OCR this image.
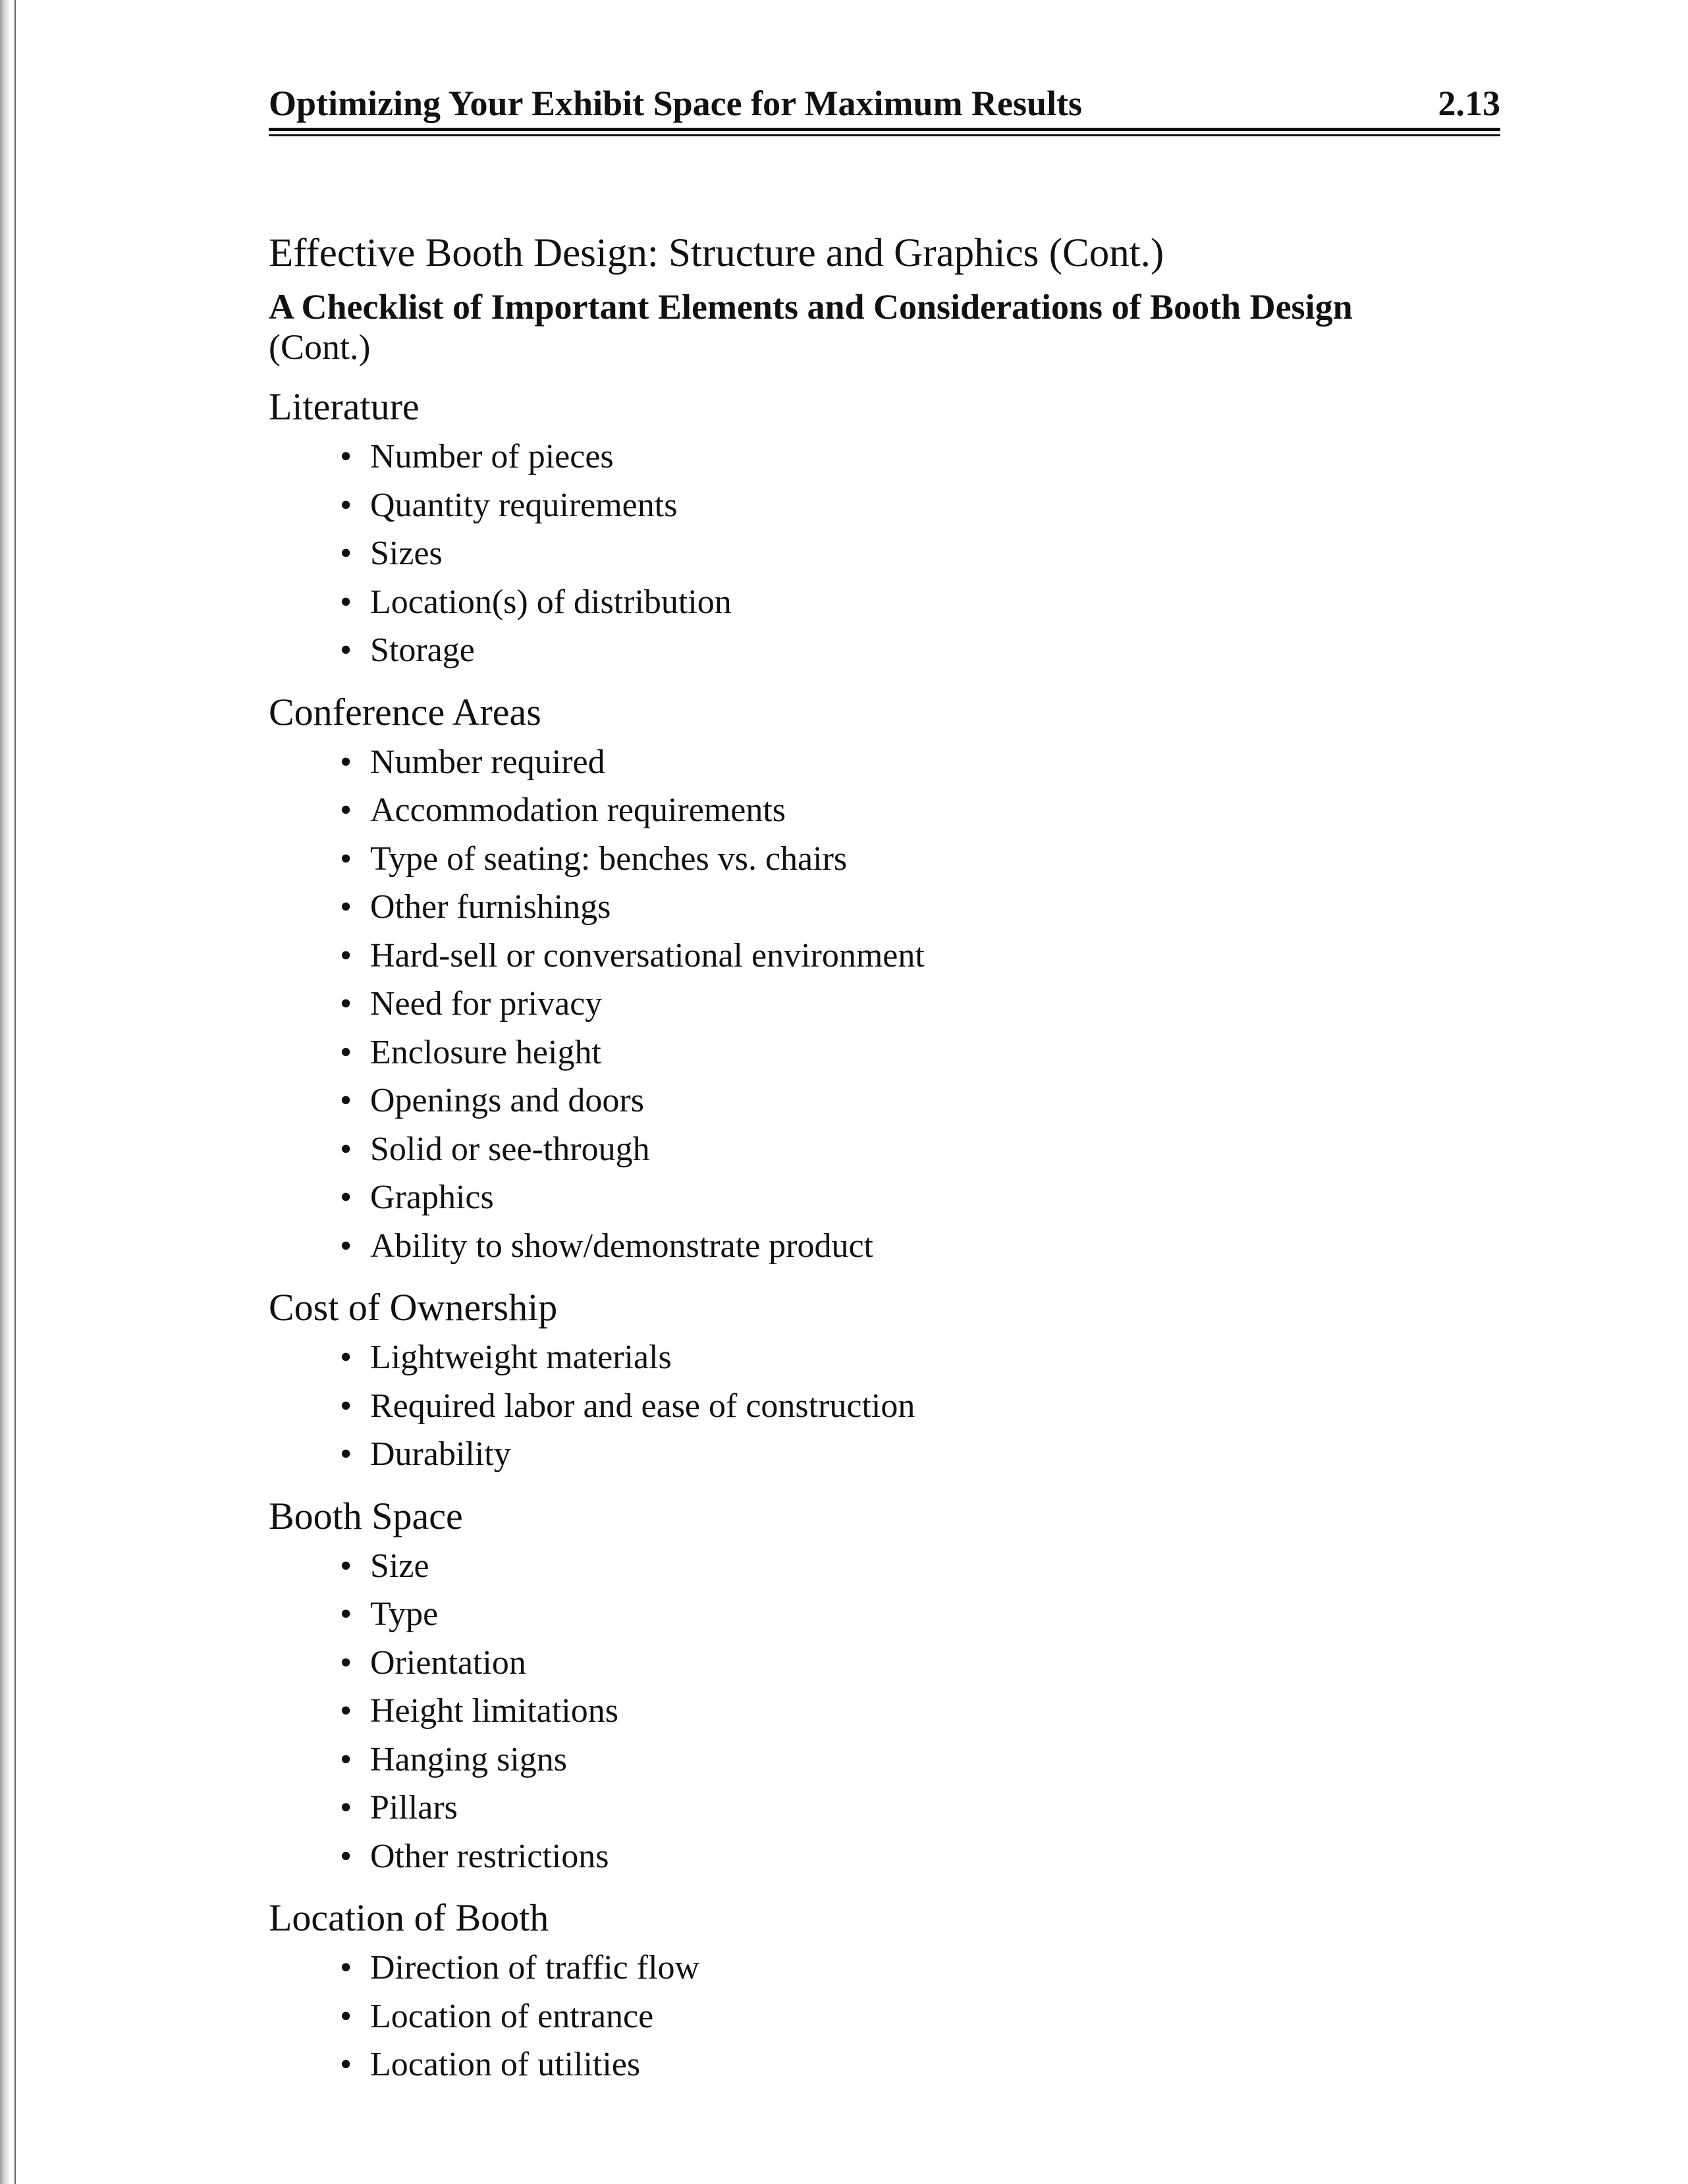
Optimizing Your Exhibit Space for Maximum Results	2.13
Effective Booth Design: Structure and Graphics (Cont.)
A Checklist of Important Elements and Considerations of Booth Design (Cont.)
Literature
• Number of pieces
• Quantity requirements
• Sizes
• Location(s) of distribution
• Storage
Conference Areas
• Number required
• Accommodation requirements
• Type of seating: benches vs. chairs
• Other furnishings
• Hard-sell or conversational environment
• Need for privacy
• Enclosure height
• Openings and doors
• Solid or see-through
• Graphics
• Ability to show/demonstrate product
Cost of Ownership
• Lightweight materials
• Required labor and ease of construction
• Durability
Booth Space
• Size
• Type
• Orientation
• Height limitations
• Hanging signs
• Pillars
• Other restrictions
Location of Booth
• Direction of traffic flow
• Location of entrance
• Location of utilities
